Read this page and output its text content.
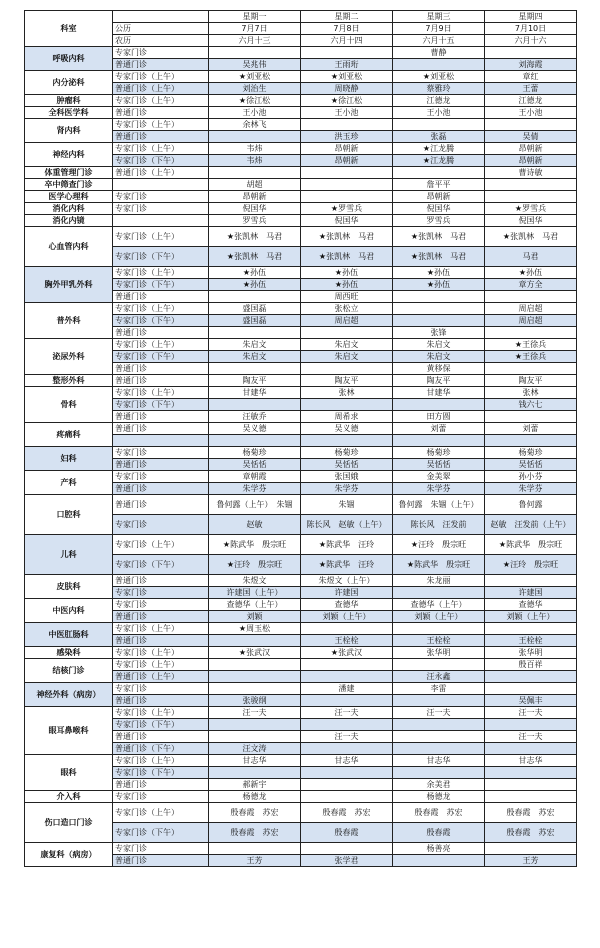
科室		星期一	星期二	星期三	星期四
	公历	7月7日	7月8日	7月9日	7月10日
	农历	六月十三	六月十四	六月十五	六月十六
呼吸内科	专家门诊			曹静	
	普通门诊	吴兆伟	王雨珩		刘海霞
内分泌科	专家门诊（上午）	★刘亚松	★刘亚松	★刘亚松	章红
	普通门诊（上午）	刘治生	周晓静	蔡雅玲	王蕾
肿瘤科	专家门诊（上午）	★徐江松	★徐江松	江德龙	江德龙
全科医学科	普通门诊	王小池	王小池	王小池	王小池
肾内科	专家门诊（上午）	余林飞			
	普通门诊		洪玉珍	张磊	吴倩
神经内科	专家门诊（上午）	韦炜	昂朝新	★江龙腾	昂朝新
	专家门诊（下午）	韦炜	昂朝新	★江龙腾	昂朝新
体重管理门诊	普通门诊（上午）				曹诗敏
卒中筛查门诊		胡超		詹平平	
医学心理科	专家门诊	昂朝新		昂朝新	
消化内科	专家门诊	倪国华	★罗雪兵	倪国华	★罗雪兵
消化内镜		罗雪兵	倪国华	罗雪兵	倪国华
心血管内科	专家门诊（上午）	★张凯林　马君	★张凯林　马君	★张凯林　马君	★张凯林　马君
	专家门诊（下午）	★张凯林　马君	★张凯林　马君	★张凯林　马君	马君
胸外甲乳外科	专家门诊（上午）	★孙伍	★孙伍	★孙伍	★孙伍
	专家门诊（下午）	★孙伍	★孙伍	★孙伍	章方全
	普通门诊		周西旺		
普外科	专家门诊（上午）	盛国磊	张松立		周启超
	专家门诊（下午）	盛国磊	周启超		周启超
	普通门诊			张锋	
泌尿外科	专家门诊（上午）	朱启文	朱启文	朱启文	★王徐兵
	专家门诊（下午）	朱启文	朱启文	朱启文	★王徐兵
	普通门诊			黄移保	
整形外科	普通门诊	陶友平	陶友平	陶友平	陶友平
骨科	专家门诊（上午）	甘建华	张林	甘建华	张林
	专家门诊（下午）				钱六七
	普通门诊	汪敏乔	周希求	田方圆	
疼痛科	普通门诊	吴义德	吴义德	刘蕾	刘蕾

妇科	专家门诊	杨菊珍	杨菊珍	杨菊珍	杨菊珍
	普通门诊	吴恬恬	吴恬恬	吴恬恬	吴恬恬
产科	专家门诊	章朝霞	张国娥	金美翠	孙小芬
	普通门诊	朱学芬	朱学芬	朱学芬	朱学芬
口腔科	普通门诊	鲁何露（上午）　朱锢	朱锢	鲁何露　朱锢（上午）	鲁何露
	专家门诊	赵敏	陈长风　赵敏（上午）	陈长风　汪发前	赵敏　汪发前（上午）
儿科	专家门诊（上午）	★陈武华　殷宗旺	★陈武华　汪玲	★汪玲　殷宗旺	★陈武华　殷宗旺
	专家门诊（下午）	★汪玲　殷宗旺	★陈武华　汪玲	★陈武华　殷宗旺	★汪玲　殷宗旺
皮肤科	普通门诊	朱煜文	朱煜文（上午）	朱龙丽	
	专家门诊	许建国（上午）	许建国		许建国
中医内科	专家门诊	查德华（上午）	查德华	查德华（上午）	查德华
	普通门诊	刘颖	刘颖（上午）	刘颖（上午）	刘颖（上午）
中医肛肠科	专家门诊（上午）	★周玉松			
	普通门诊		王栓栓	王栓栓	王栓栓
感染科	专家门诊（上午）	★张武汉	★张武汉	张华明	张华明
结核门诊	专家门诊（上午）				殷百祥
	普通门诊（上午）			汪永鑫	
神经外科（病房）	专家门诊		潘建	李雷	
	普通门诊	张骏纲			吴佩丰
眼耳鼻喉科	专家门诊（上午）	汪一夫	汪一夫	汪一夫	汪一夫
	专家门诊（下午）				
	普通门诊		汪一夫		汪一夫
	普通门诊（下午）	汪文涛			
眼科	专家门诊（上午）	甘志华	甘志华	甘志华	甘志华
	专家门诊（下午）				
	普通门诊	郝新宇		余美君	
介入科	专家门诊	杨德龙		杨德龙	
伤口造口门诊	专家门诊（上午）	殷春霞　苏宏	殷春霞　苏宏	殷春霞　苏宏	殷春霞　苏宏
	专家门诊（下午）	殷春霞　苏宏	殷春霞	殷春霞	殷春霞　苏宏
康复科（病房）	专家门诊			杨善亮	
	普通门诊	王芳	张学君		王芳
